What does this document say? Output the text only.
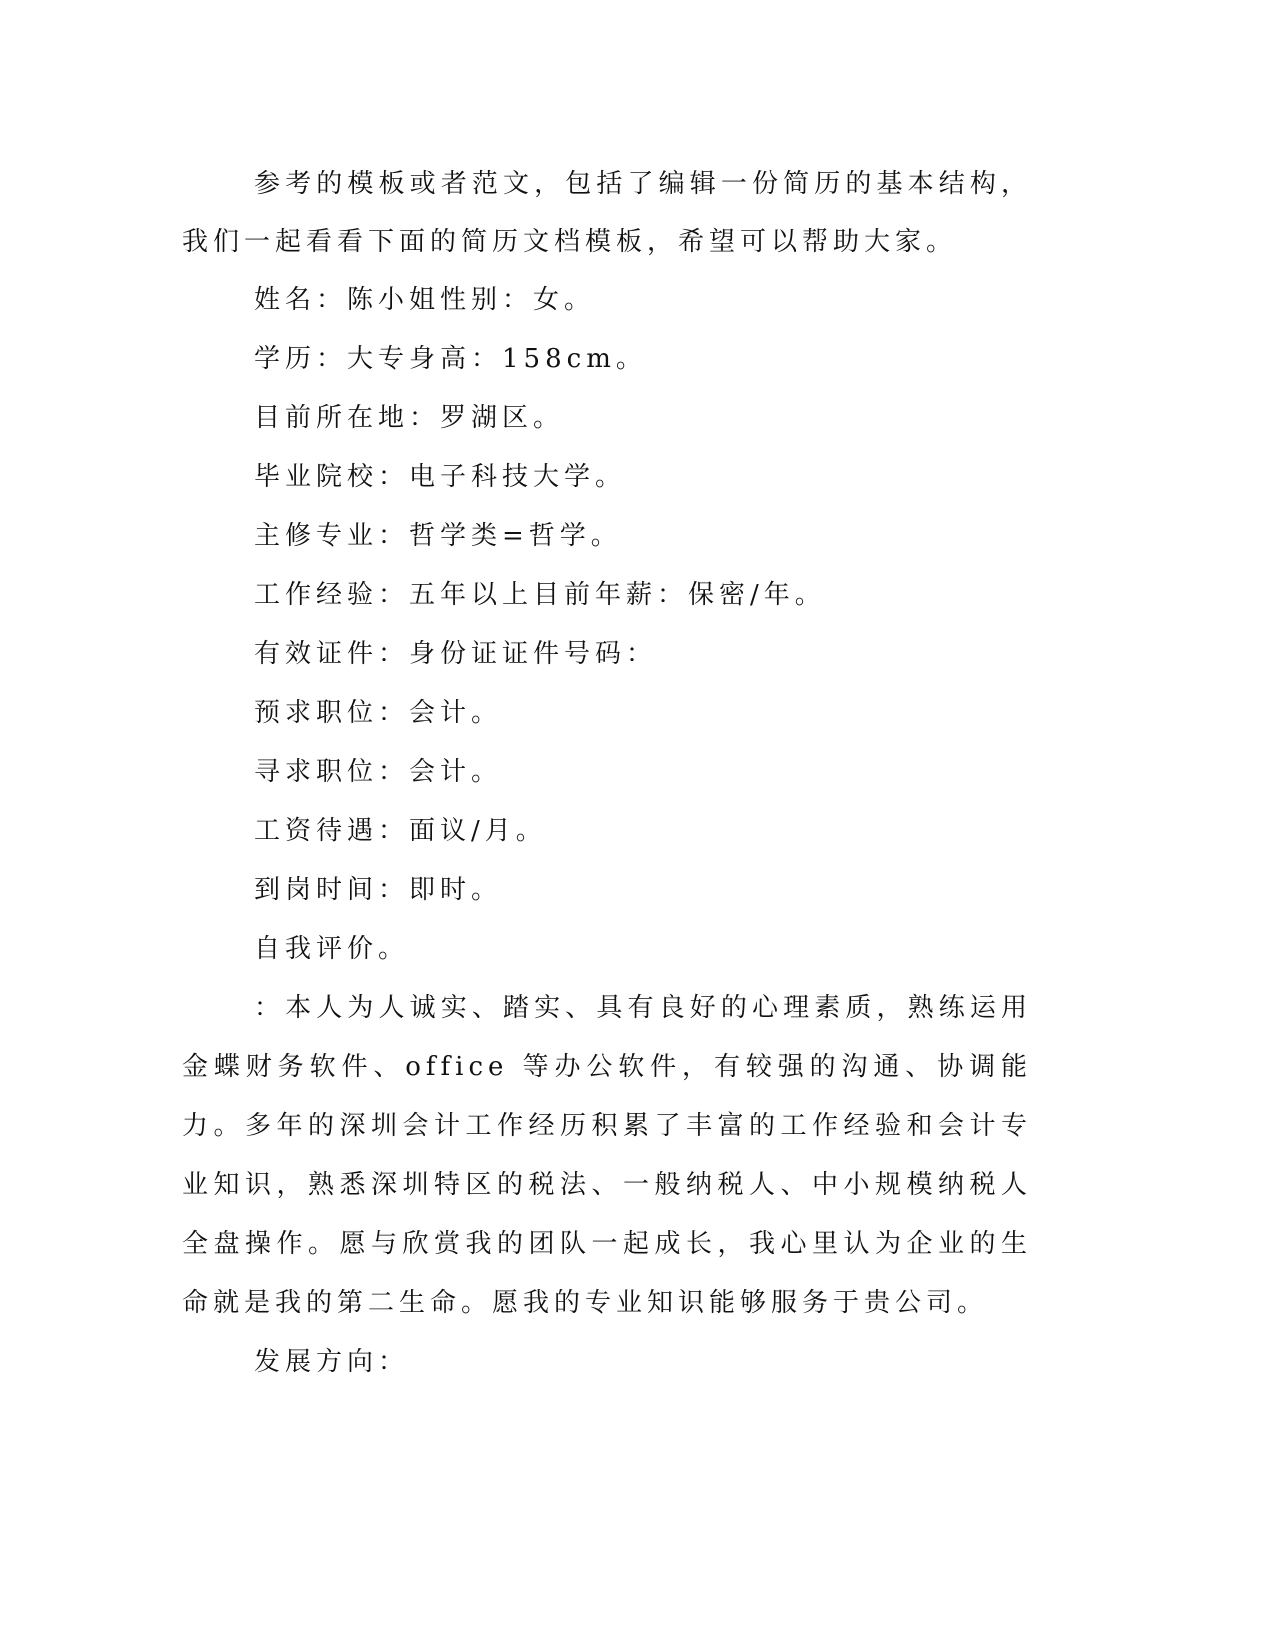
参考的模板或者范文，包括了编辑一份简历的基本结构，我们一起看看下面的简历文档模板，希望可以帮助大家。

姓名：陈小姐性别：女。

学历：大专身高：158cm。

目前所在地：罗湖区。

毕业院校：电子科技大学。

主修专业：哲学类=哲学。

工作经验：五年以上目前年薪：保密/年。

有效证件：身份证证件号码：

预求职位：会计。

寻求职位：会计。

工资待遇：面议/月。

到岗时间：即时。

自我评价。

：本人为人诚实、踏实、具有良好的心理素质，熟练运用金蝶财务软件、office 等办公软件，有较强的沟通、协调能力。多年的深圳会计工作经历积累了丰富的工作经验和会计专业知识，熟悉深圳特区的税法、一般纳税人、中小规模纳税人全盘操作。愿与欣赏我的团队一起成长，我心里认为企业的生命就是我的第二生命。愿我的专业知识能够服务于贵公司。

发展方向：
